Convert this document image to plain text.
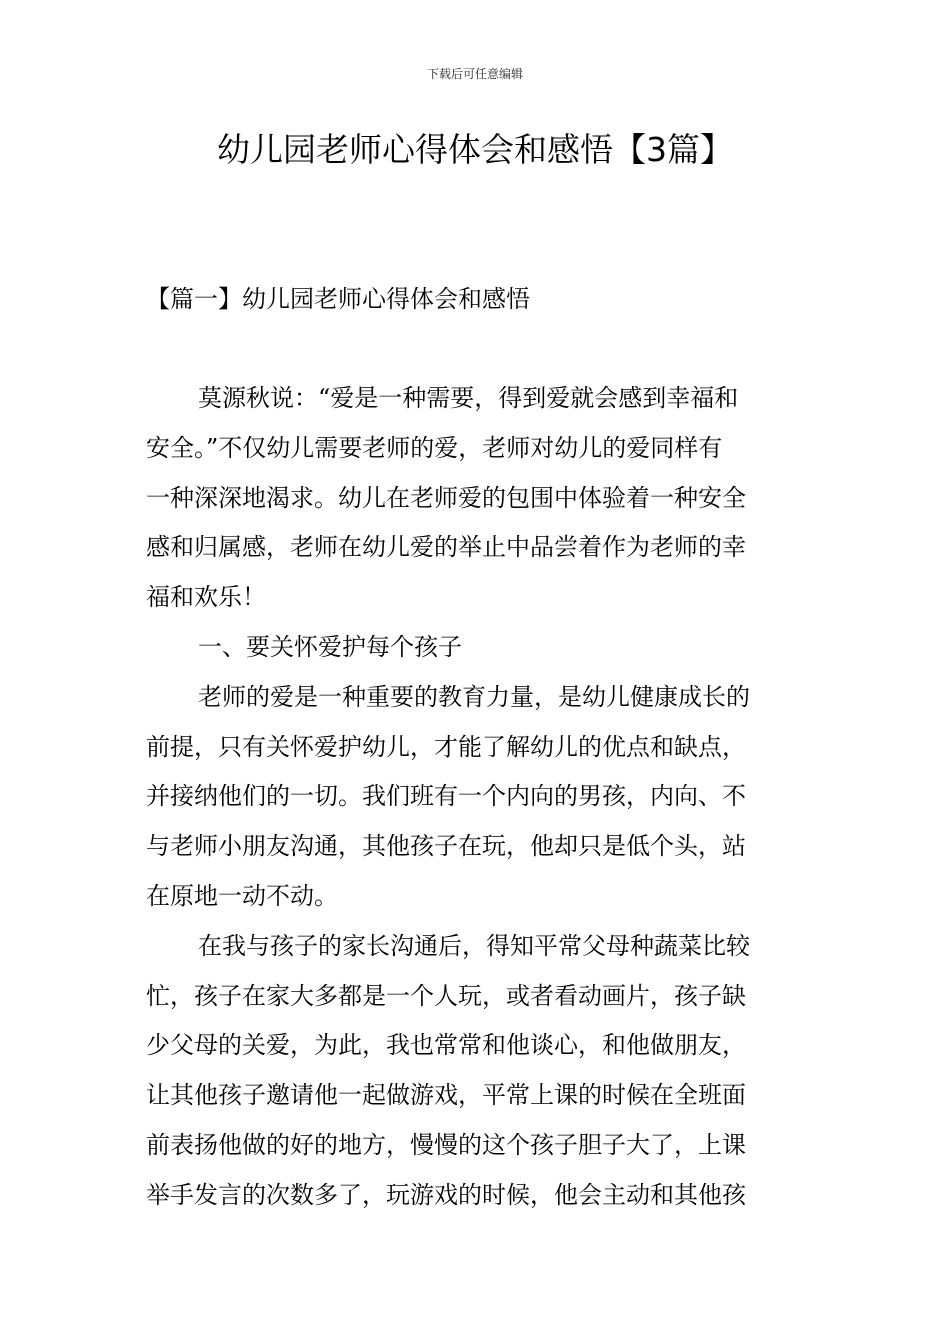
下载后可任意编辑
幼儿园老师心得体会和感悟【3篇】
【篇一】幼儿园老师心得体会和感悟
莫源秋说：“爱是一种需要，得到爱就会感到幸福和
安全。”不仅幼儿需要老师的爱，老师对幼儿的爱同样有
一种深深地渴求。幼儿在老师爱的包围中体验着一种安全
感和归属感，老师在幼儿爱的举止中品尝着作为老师的幸
福和欢乐！
一、要关怀爱护每个孩子
老师的爱是一种重要的教育力量，是幼儿健康成长的
前提，只有关怀爱护幼儿，才能了解幼儿的优点和缺点，
并接纳他们的一切。我们班有一个内向的男孩，内向、不
与老师小朋友沟通，其他孩子在玩，他却只是低个头，站
在原地一动不动。
在我与孩子的家长沟通后，得知平常父母种蔬菜比较
忙，孩子在家大多都是一个人玩，或者看动画片，孩子缺
少父母的关爱，为此，我也常常和他谈心，和他做朋友，
让其他孩子邀请他一起做游戏，平常上课的时候在全班面
前表扬他做的好的地方，慢慢的这个孩子胆子大了，上课
举手发言的次数多了，玩游戏的时候，他会主动和其他孩
